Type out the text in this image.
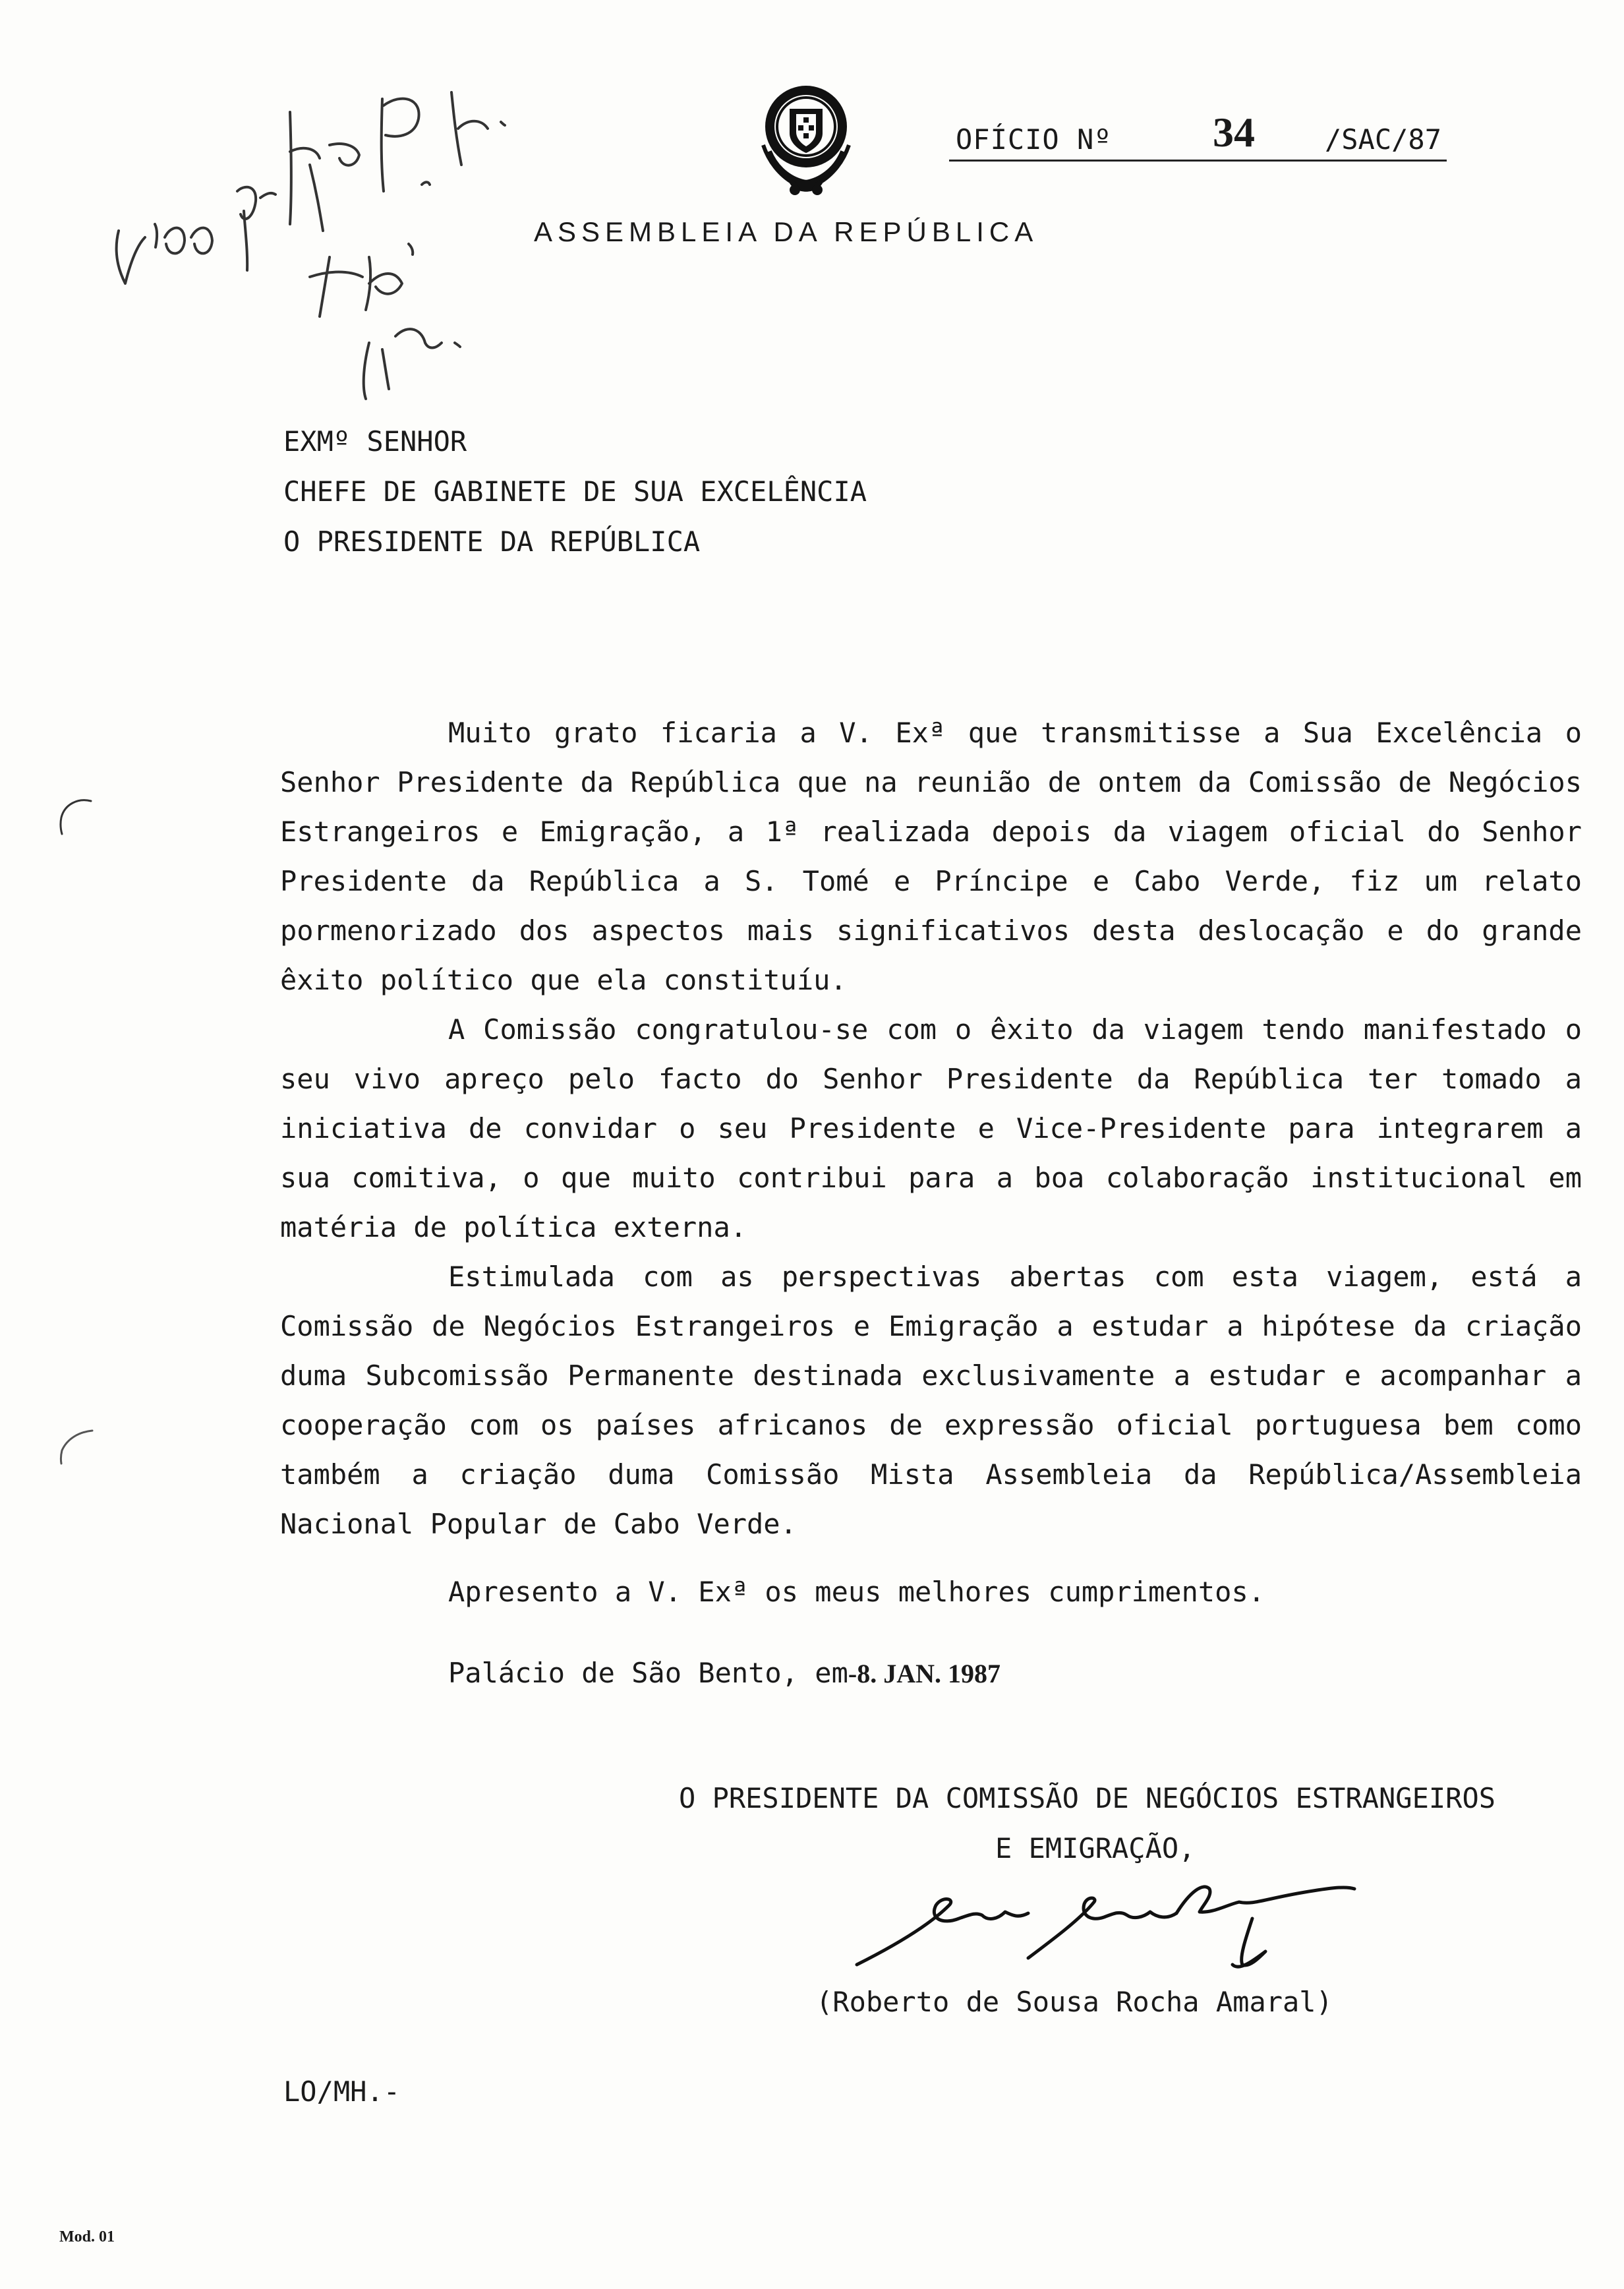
OFÍCIO Nº 34	/SAC/87
ASSEMBLEIA DA REPÚBLICA
EXMº SENHOR
CHEFE DE GABINETE DE SUA EXCELÊNCIA
O PRESIDENTE DA REPÚBLICA

Muito grato ficaria a V. Exª que transmitisse a Sua Excelência o Senhor Presidente da República que na reunião de ontem da Comissão de Negócios Estrangeiros e Emigração, a 1ª realizada depois da viagem oficial do Senhor Presidente da República a S. Tomé e Príncipe e Cabo Verde, fiz um relato pormenorizado dos aspectos mais significativos desta deslocação e do grande êxito político que ela constituíu.

A Comissão congratulou-se com o êxito da viagem tendo manifestado o seu vivo apreço pelo facto do Senhor Presidente da República ter tomado a iniciativa de convidar o seu Presidente e Vice-Presidente para integrarem a sua comitiva, o que muito contribui para a boa colaboração institucional em matéria de política externa.

Estimulada com as perspectivas abertas com esta viagem, está a Comissão de Negócios Estrangeiros e Emigração a estudar a hipótese da criação duma Subcomissão Permanente destinada exclusivamente a estudar e acompanhar a cooperação com os países africanos de expressão oficial portuguesa bem como também a criação duma Comissão Mista Assembleia da República/Assembleia Nacional Popular de Cabo Verde.

Apresento a V. Exª os meus melhores cumprimentos.

Palácio de São Bento, em-8. JAN. 1987

O PRESIDENTE DA COMISSÃO DE NEGÓCIOS ESTRANGEIROS
E EMIGRAÇÃO,
(Roberto de Sousa Rocha Amaral)
LO/MH.-
Mod. 01
